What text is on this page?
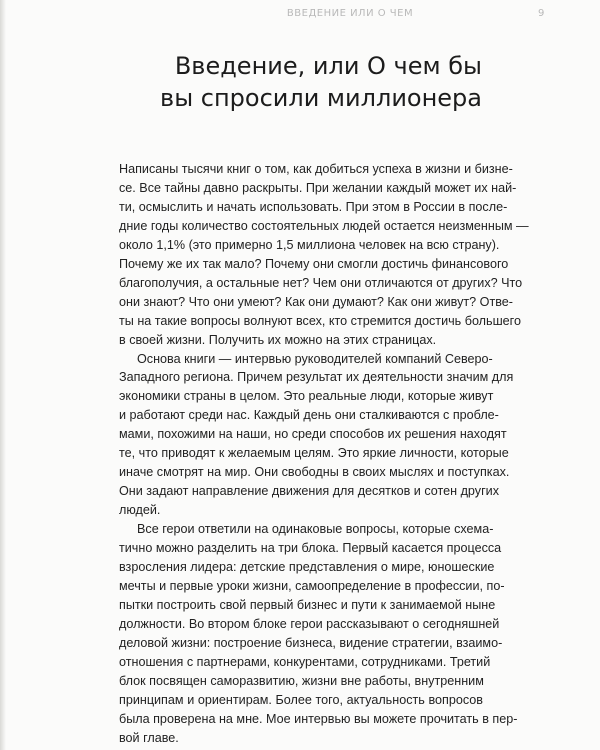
ВВЕДЕНИЕ ИЛИ О ЧЕМ	9
Введение, или О чем бы
вы спросили миллионера

Написаны тысячи книг о том, как добиться успеха в жизни и бизне-
се. Все тайны давно раскрыты. При желании каждый может их най-
ти, осмыслить и начать использовать. При этом в России в после-
дние годы количество состоятельных людей остается неизменным —
около 1,1% (это примерно 1,5 миллиона человек на всю страну).
Почему же их так мало? Почему они смогли достичь финансового
благополучия, а остальные нет? Чем они отличаются от других? Что
они знают? Что они умеют? Как они думают? Как они живут? Отве-
ты на такие вопросы волнуют всех, кто стремится достичь большего
в своей жизни. Получить их можно на этих страницах.

Основа книги — интервью руководителей компаний Северо-
Западного региона. Причем результат их деятельности значим для
экономики страны в целом. Это реальные люди, которые живут
и работают среди нас. Каждый день они сталкиваются с пробле-
мами, похожими на наши, но среди способов их решения находят
те, что приводят к желаемым целям. Это яркие личности, которые
иначе смотрят на мир. Они свободны в своих мыслях и поступках.
Они задают направление движения для десятков и сотен других
людей.

Все герои ответили на одинаковые вопросы, которые схема-
тично можно разделить на три блока. Первый касается процесса
взросления лидера: детские представления о мире, юношеские
мечты и первые уроки жизни, самоопределение в профессии, по-
пытки построить свой первый бизнес и пути к занимаемой ныне
должности. Во втором блоке герои рассказывают о сегодняшней
деловой жизни: построение бизнеса, видение стратегии, взаимо-
отношения с партнерами, конкурентами, сотрудниками. Третий
блок посвящен саморазвитию, жизни вне работы, внутренним
принципам и ориентирам. Более того, актуальность вопросов
была проверена на мне. Мое интервью вы можете прочитать в пер-
вой главе.
